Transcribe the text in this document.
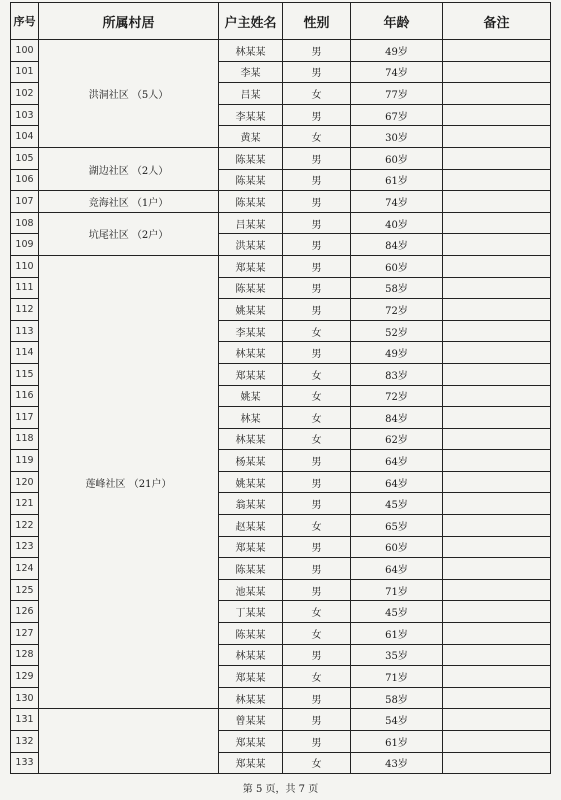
序号	所属村居	户主姓名	性别	年龄	备注
100	洪洞社区 （5人）	林某某	男	49岁	
101		李某	男	74岁	
102		吕某	女	77岁	
103		李某某	男	67岁	
104		黄某	女	30岁	
105	湖边社区 （2人）	陈某某	男	60岁	
106		陈某某	男	61岁	
107	竞海社区 （1户）	陈某某	男	74岁	
108	坑尾社区 （2户）	吕某某	男	40岁	
109		洪某某	男	84岁	
110	莲峰社区 （21户）	郑某某	男	60岁	
111		陈某某	男	58岁	
112		姚某某	男	72岁	
113		李某某	女	52岁	
114		林某某	男	49岁	
115		郑某某	女	83岁	
116		姚某	女	72岁	
117		林某	女	84岁	
118		林某某	女	62岁	
119		杨某某	男	64岁	
120		姚某某	男	64岁	
121		翁某某	男	45岁	
122		赵某某	女	65岁	
123		郑某某	男	60岁	
124		陈某某	男	64岁	
125		池某某	男	71岁	
126		丁某某	女	45岁	
127		陈某某	女	61岁	
128		林某某	男	35岁	
129		郑某某	女	71岁	
130		林某某	男	58岁	
131		曾某某	男	54岁	
132		郑某某	男	61岁	
133		郑某某	女	43岁	
第 5 页，共 7 页
